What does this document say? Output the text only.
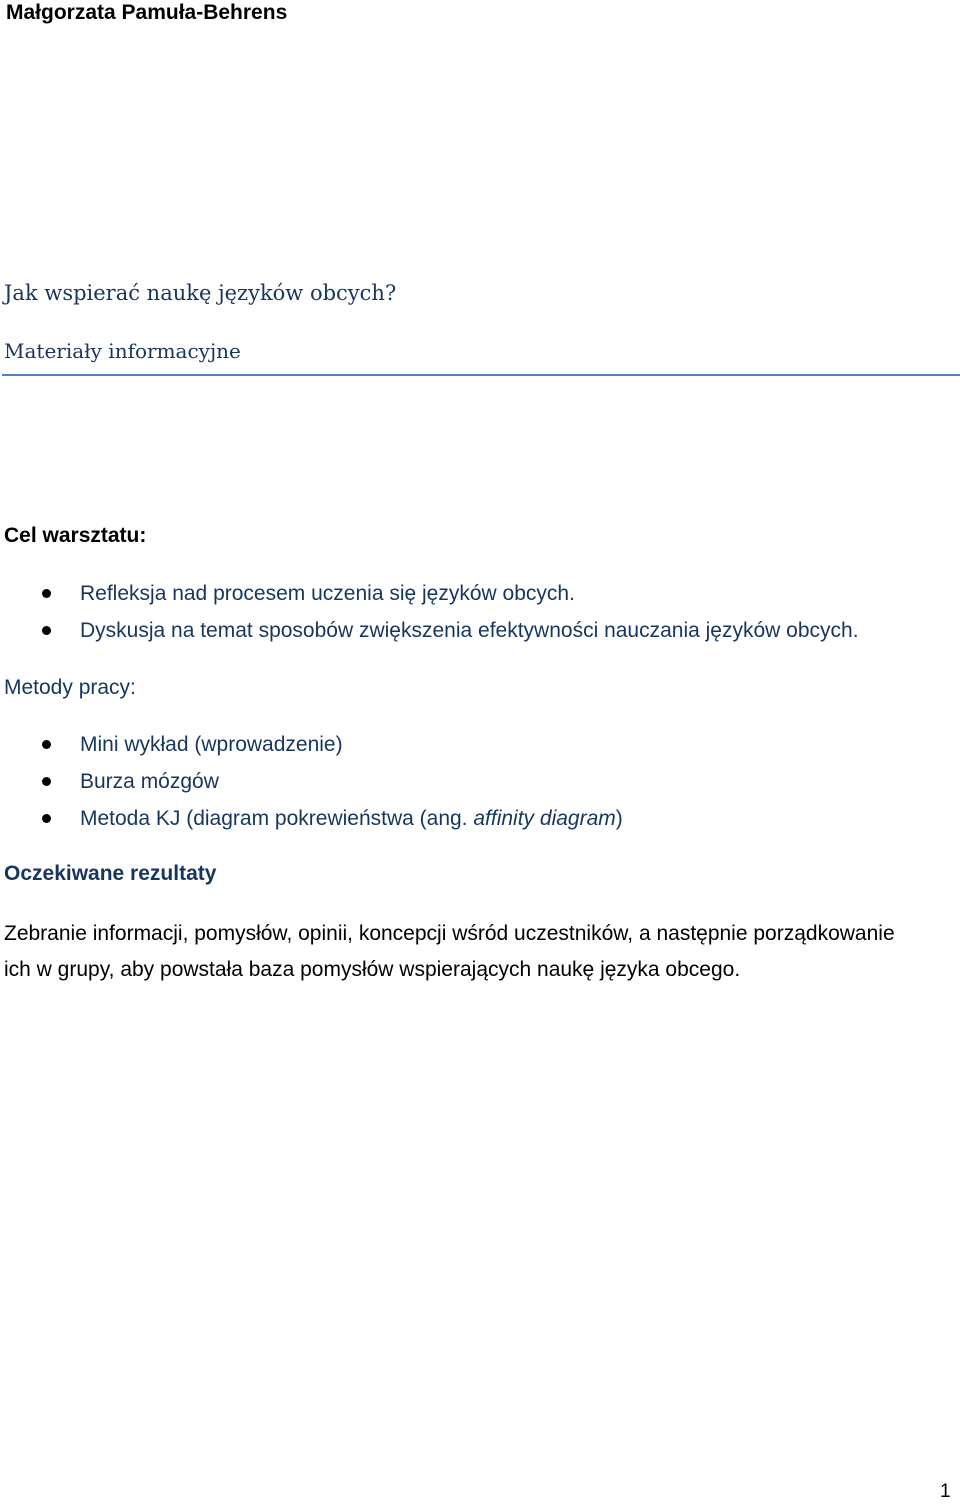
Małgorzata Pamuła-Behrens
Jak wspierać naukę języków obcych?
Materiały informacyjne
Cel warsztatu:
Refleksja nad procesem uczenia się języków obcych.
Dyskusja na temat sposobów zwiększenia efektywności nauczania języków obcych.
Metody pracy:
Mini wykład (wprowadzenie)
Burza mózgów
Metoda KJ (diagram pokrewieństwa (ang. affinity diagram)
Oczekiwane rezultaty
Zebranie informacji, pomysłów, opinii, koncepcji wśród uczestników, a następnie porządkowanie ich w grupy, aby powstała baza pomysłów wspierających naukę języka obcego.
1
